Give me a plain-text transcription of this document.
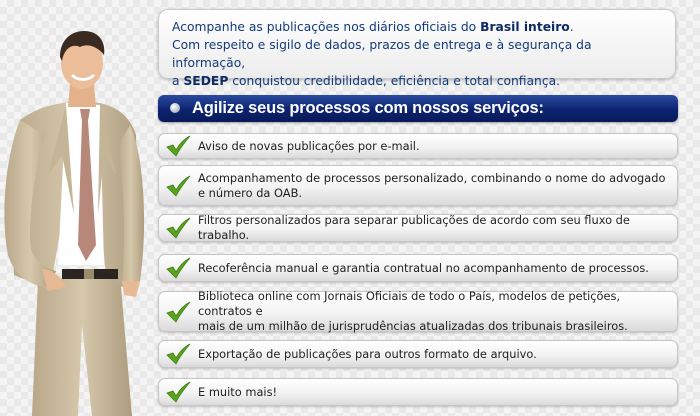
Acompanhe as publicações nos diários oficiais do Brasil inteiro.
Com respeito e sigilo de dados, prazos de entrega e à segurança da informação,
a SEDEP conquistou credibilidade, eficiência e total confiança.
Agilize seus processos com nossos serviços:
Aviso de novas publicações por e-mail.
Acompanhamento de processos personalizado, combinando o nome do advogado
e número da OAB.
Filtros personalizados para separar publicações de acordo com seu fluxo de trabalho.
Recoferência manual e garantia contratual no acompanhamento de processos.
Biblioteca online com Jornais Oficiais de todo o País, modelos de petições, contratos e
mais de um milhão de jurisprudências atualizadas dos tribunais brasileiros.
Exportação de publicações para outros formato de arquivo.
E muito mais!
